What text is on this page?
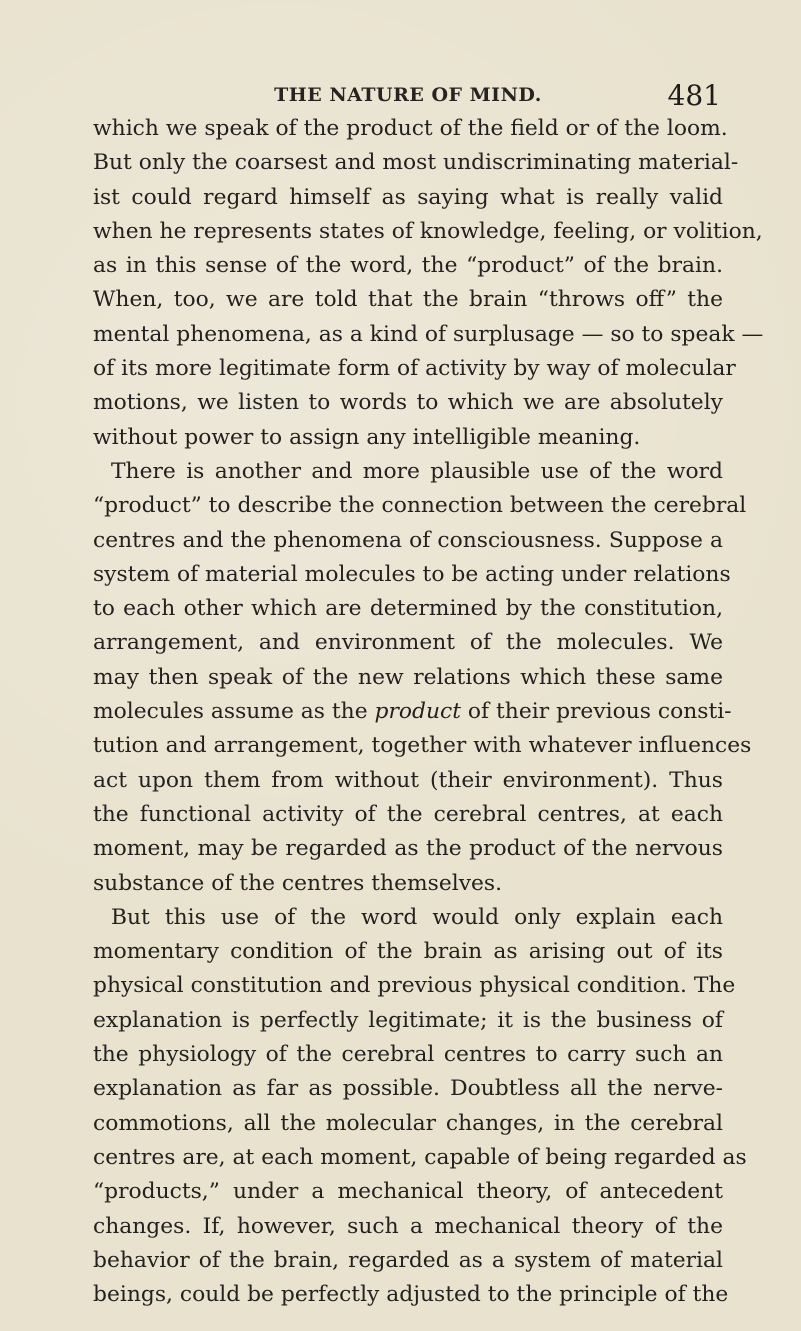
THE NATURE OF MIND.	481
which we speak of the product of the field or of the loom.
But only the coarsest and most undiscriminating material-
ist could regard himself as saying what is really valid
when he represents states of knowledge, feeling, or volition,
as in this sense of the word, the “product” of the brain.
When, too, we are told that the brain “throws off” the
mental phenomena, as a kind of surplusage — so to speak —
of its more legitimate form of activity by way of molecular
motions, we listen to words to which we are absolutely
without power to assign any intelligible meaning.
There is another and more plausible use of the word
“product” to describe the connection between the cerebral
centres and the phenomena of consciousness. Suppose a
system of material molecules to be acting under relations
to each other which are determined by the constitution,
arrangement, and environment of the molecules. We
may then speak of the new relations which these same
molecules assume as the product of their previous consti-
tution and arrangement, together with whatever influences
act upon them from without (their environment). Thus
the functional activity of the cerebral centres, at each
moment, may be regarded as the product of the nervous
substance of the centres themselves.
But this use of the word would only explain each
momentary condition of the brain as arising out of its
physical constitution and previous physical condition. The
explanation is perfectly legitimate; it is the business of
the physiology of the cerebral centres to carry such an
explanation as far as possible. Doubtless all the nerve-
commotions, all the molecular changes, in the cerebral
centres are, at each moment, capable of being regarded as
“products,” under a mechanical theory, of antecedent
changes. If, however, such a mechanical theory of the
behavior of the brain, regarded as a system of material
beings, could be perfectly adjusted to the principle of the
